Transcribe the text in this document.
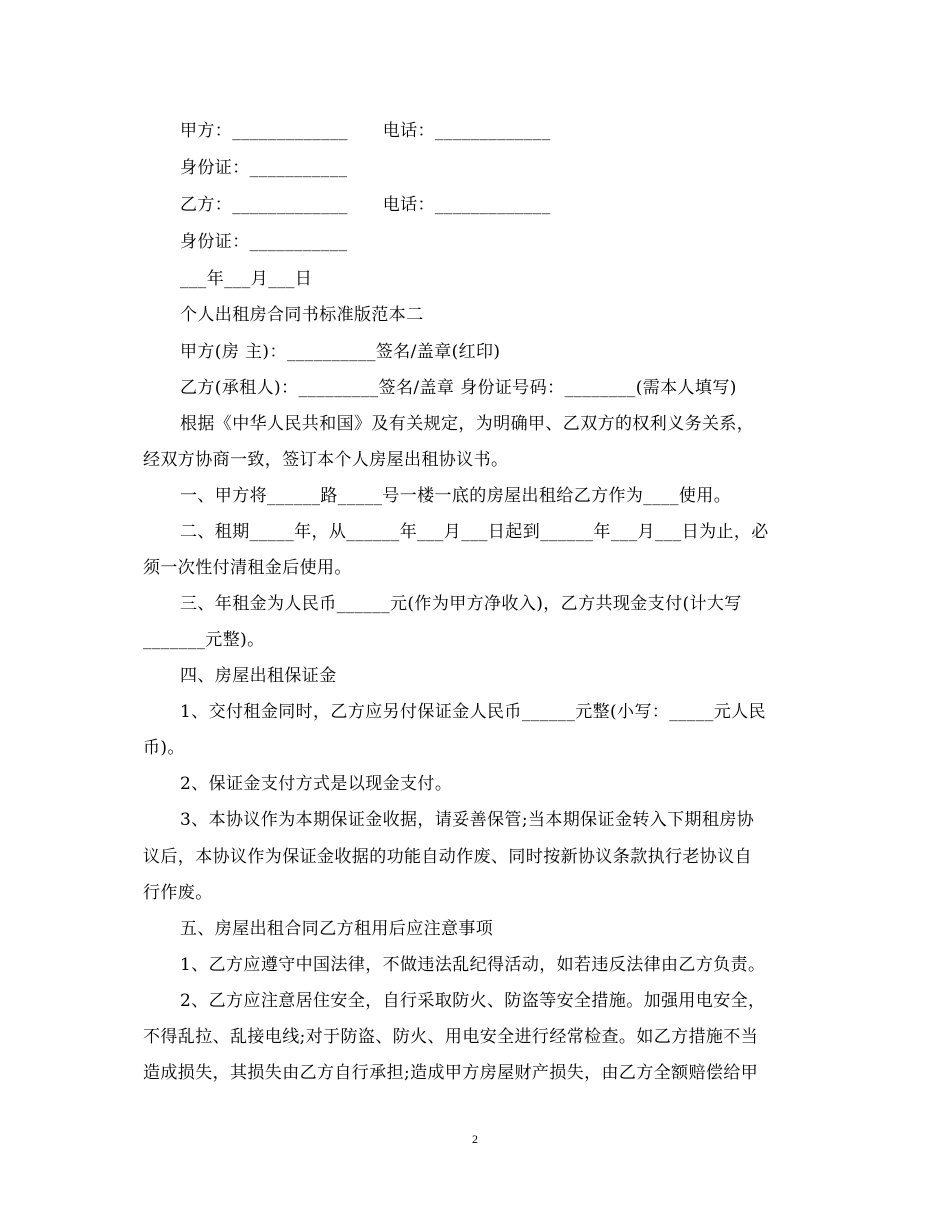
甲方：_____________　　电话：_____________
身份证：___________
乙方：_____________　　电话：_____________
身份证：___________
___年___月___日
个人出租房合同书标准版范本二
甲方(房 主)：__________签名/盖章(红印)
乙方(承租人)：_________签名/盖章 身份证号码：________(需本人填写)
根据《中华人民共和国》及有关规定，为明确甲、乙双方的权利义务关系，
经双方协商一致，签订本个人房屋出租协议书。
一、甲方将______路_____号一楼一底的房屋出租给乙方作为____使用。
二、租期_____年，从______年___月___日起到______年___月___日为止，必
须一次性付清租金后使用。
三、年租金为人民币______元(作为甲方净收入)，乙方共现金支付(计大写
_______元整)。
四、房屋出租保证金
1、交付租金同时，乙方应另付保证金人民币______元整(小写：_____元人民
币)。
2、保证金支付方式是以现金支付。
3、本协议作为本期保证金收据，请妥善保管;当本期保证金转入下期租房协
议后，本协议作为保证金收据的功能自动作废、同时按新协议条款执行老协议自
行作废。
五、房屋出租合同乙方租用后应注意事项
1、乙方应遵守中国法律，不做违法乱纪得活动，如若违反法律由乙方负责。
2、乙方应注意居住安全，自行采取防火、防盗等安全措施。加强用电安全，
不得乱拉、乱接电线;对于防盗、防火、用电安全进行经常检查。如乙方措施不当
造成损失，其损失由乙方自行承担;造成甲方房屋财产损失，由乙方全额赔偿给甲
2
